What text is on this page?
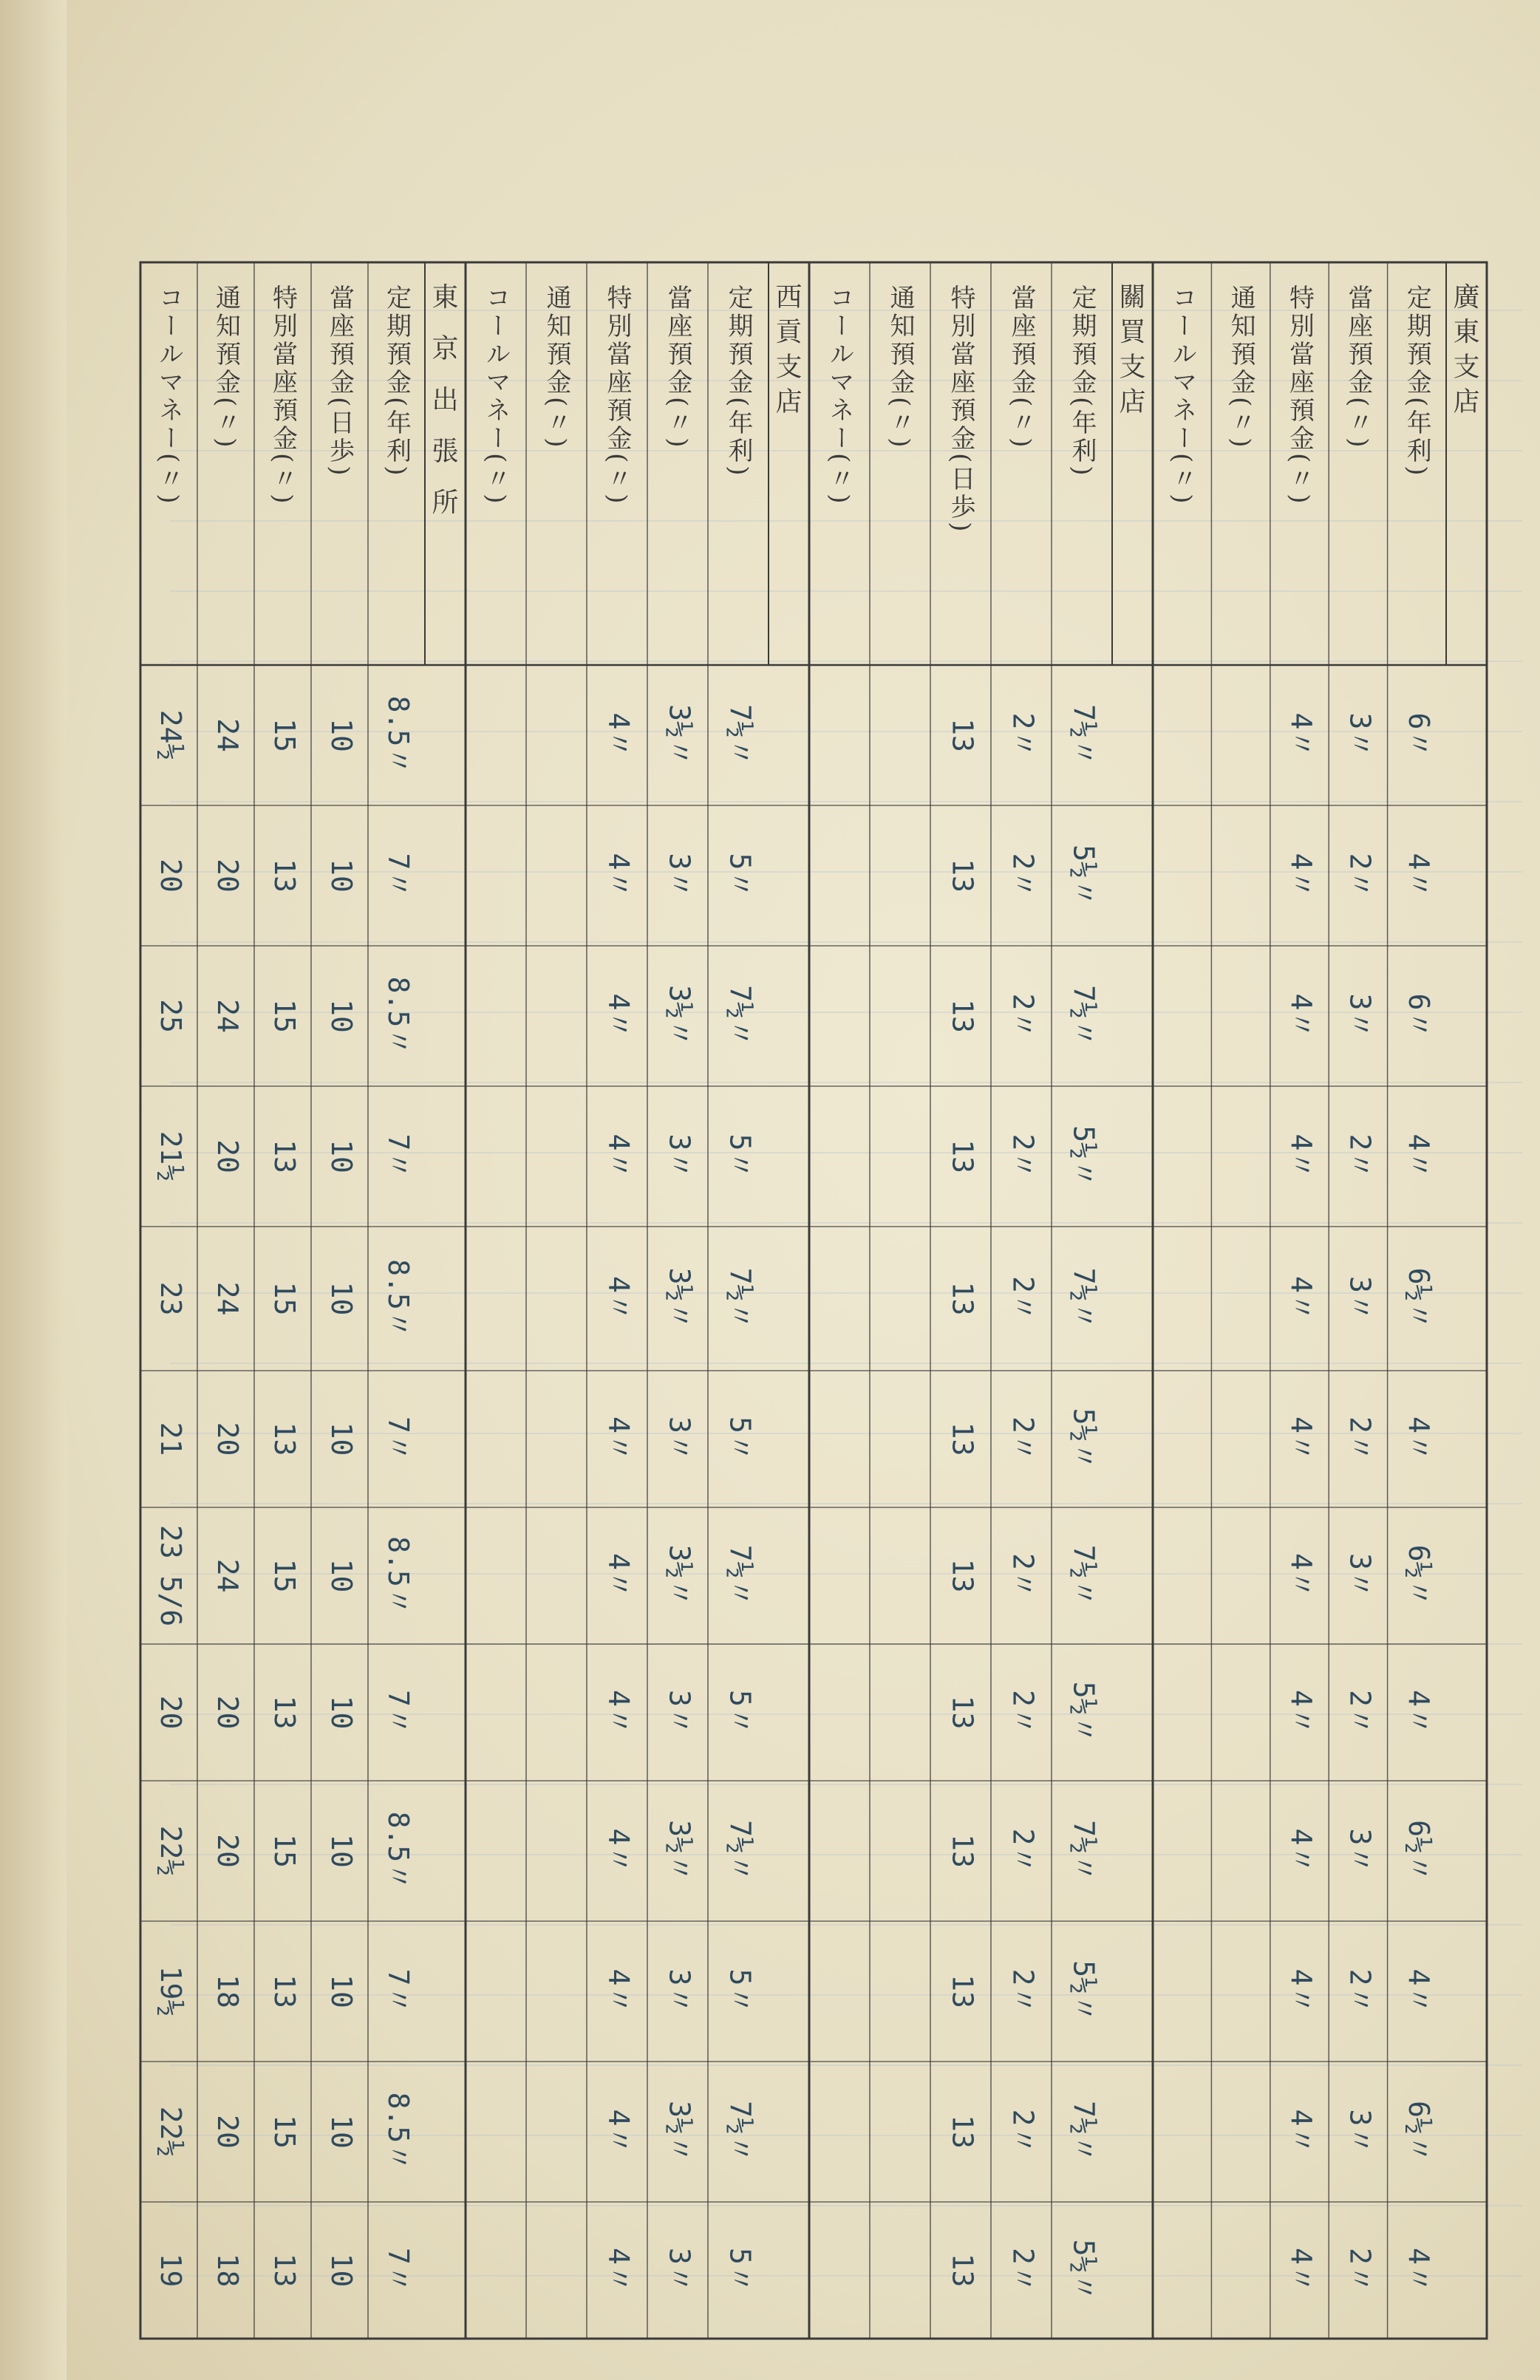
廣
東
支
店
定期預金(年利)
6〃
4〃
6〃
4〃
6½〃
4〃
6½〃
4〃
6½〃
4〃
6½〃
4〃
當座預金(〃)
3〃
2〃
3〃
2〃
3〃
2〃
3〃
2〃
3〃
2〃
3〃
2〃
特別當座預金(〃)
4〃
4〃
4〃
4〃
4〃
4〃
4〃
4〃
4〃
4〃
4〃
4〃
通知預金(〃)
コールマネー(〃)
關
買
支
店
定期預金(年利)
7½〃
5½〃
7½〃
5½〃
7½〃
5½〃
7½〃
5½〃
7½〃
5½〃
7½〃
5½〃
當座預金(〃)
2〃
2〃
2〃
2〃
2〃
2〃
2〃
2〃
2〃
2〃
2〃
2〃
特別當座預金(日歩)
13
13
13
13
13
13
13
13
13
13
13
13
通知預金(〃)
コールマネー(〃)
西
貢
支
店
定期預金(年利)
7½〃
5〃
7½〃
5〃
7½〃
5〃
7½〃
5〃
7½〃
5〃
7½〃
5〃
當座預金(〃)
3½〃
3〃
3½〃
3〃
3½〃
3〃
3½〃
3〃
3½〃
3〃
3½〃
3〃
特別當座預金(〃)
4〃
4〃
4〃
4〃
4〃
4〃
4〃
4〃
4〃
4〃
4〃
4〃
通知預金(〃)
コールマネー(〃)
東
京
出
張
所
定期預金(年利)
8.5〃
7〃
8.5〃
7〃
8.5〃
7〃
8.5〃
7〃
8.5〃
7〃
8.5〃
7〃
當座預金(日歩)
10
10
10
10
10
10
10
10
10
10
10
10
特別當座預金(〃)
15
13
15
13
15
13
15
13
15
13
15
13
通知預金(〃)
24
20
24
20
24
20
24
20
20
18
20
18
コールマネー(〃)
24½
20
25
21½
23
21
23 5/6
20
22½
19½
22½
19
